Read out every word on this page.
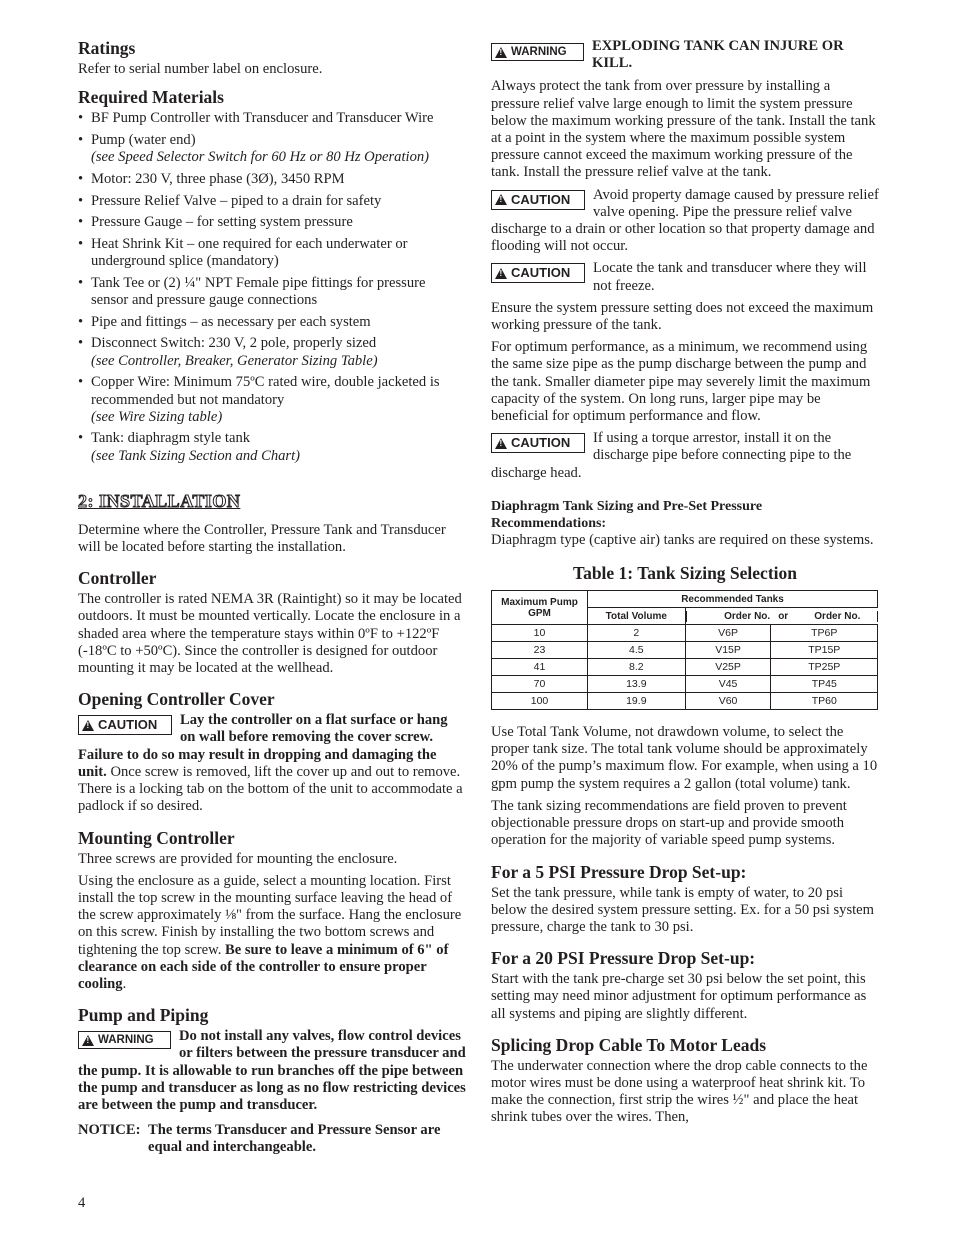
Ratings

Refer to serial number label on enclosure.

Required Materials
• BF Pump Controller with Transducer and Transducer Wire
• Pump (water end)
(see Speed Selector Switch for 60 Hz or 80 Hz Operation)
• Motor: 230 V, three phase (3Ø), 3450 RPM
• Pressure Relief Valve – piped to a drain for safety
• Pressure Gauge – for setting system pressure
• Heat Shrink Kit – one required for each underwater or underground splice (mandatory)
• Tank Tee or (2) ¼" NPT Female pipe fittings for pressure sensor and pressure gauge connections
• Pipe and fittings – as necessary per each system
• Disconnect Switch: 230 V, 2 pole, properly sized
(see Controller, Breaker, Generator Sizing Table)
• Copper Wire: Minimum 75ºC rated wire, double jacketed is recommended but not mandatory
(see Wire Sizing table)
• Tank: diaphragm style tank
(see Tank Sizing Section and Chart)
2: INSTALLATION

Determine where the Controller, Pressure Tank and Transducer will be located before starting the installation.

Controller

The controller is rated NEMA 3R (Raintight) so it may be located outdoors. It must be mounted vertically. Locate the enclosure in a shaded area where the temperature stays within 0ºF to +122ºF (-18ºC to +50ºC). Since the controller is designed for outdoor mounting it may be located at the wellhead.

Opening Controller Cover
!
CAUTION	Lay the controller on a flat surface or hang on wall before removing the cover screw. Failure to do so may result in dropping and damaging the unit. Once screw is removed, lift the cover up and out to remove. There is a locking tab on the bottom of the unit to accommodate a padlock if so desired.

Mounting Controller

Three screws are provided for mounting the enclosure.

Using the enclosure as a guide, select a mounting location. First install the top screw in the mounting surface leaving the head of the screw approximately ⅛" from the surface. Hang the enclosure on this screw. Finish by installing the two bottom screws and tightening the top screw. Be sure to leave a minimum of 6" of clearance on each side of the controller to ensure proper cooling.

Pump and Piping
!
WARNING	Do not install any valves, flow control devices or filters between the pressure transducer and the pump. It is allowable to run branches off the pipe between the pump and transducer as long as no flow restricting devices are between the pump and transducer.

NOTICE: The terms Transducer and Pressure Sensor are equal and interchangeable.
!
WARNING	EXPLODING TANK CAN INJURE OR KILL.

Always protect the tank from over pressure by installing a pressure relief valve large enough to limit the system pressure below the maximum working pressure of the tank. Install the tank at a point in the system where the maximum possible system pressure cannot exceed the maximum working pressure of the tank. Install the pressure relief valve at the tank.

!
CAUTION	Avoid property damage caused by pressure relief valve opening. Pipe the pressure relief valve discharge to a drain or other location so that property damage and flooding will not occur.

!
CAUTION	Locate the tank and transducer where they will not freeze.

Ensure the system pressure setting does not exceed the maximum working pressure of the tank.

For optimum performance, as a minimum, we recommend using the same size pipe as the pump discharge between the pump and the tank. Smaller diameter pipe may severely limit the maximum capacity of the system. On long runs, larger pipe may be beneficial for optimum performance and flow.

!
CAUTION	If using a torque arrestor, install it on the discharge pipe before connecting pipe to the discharge head.

Diaphragm Tank Sizing and Pre-Set Pressure Recommendations:

Diaphragm type (captive air) tanks are required on these systems.

Table 1: Tank Sizing Selection
Maximum Pump GPM	Recommended Tanks		
	Total Volume	Order No. or Order No.	

10	2	V6P	TP6P
23	4.5	V15P	TP15P
41	8.2	V25P	TP25P
70	13.9	V45	TP45
100	19.9	V60	TP60

Use Total Tank Volume, not drawdown volume, to select the proper tank size. The total tank volume should be approximately 20% of the pump’s maximum flow. For example, when using a 10 gpm pump the system requires a 2 gallon (total volume) tank.

The tank sizing recommendations are field proven to prevent objectionable pressure drops on start-up and provide smooth operation for the majority of variable speed pump systems.

For a 5 PSI Pressure Drop Set-up:

Set the tank pressure, while tank is empty of water, to 20 psi below the desired system pressure setting. Ex. for a 50 psi system pressure, charge the tank to 30 psi.

For a 20 PSI Pressure Drop Set-up:

Start with the tank pre-charge set 30 psi below the set point, this setting may need minor adjustment for optimum performance as all systems and piping are slightly different.

Splicing Drop Cable To Motor Leads

The underwater connection where the drop cable connects to the motor wires must be done using a waterproof heat shrink kit. To make the connection, first strip the wires ½" and place the heat shrink tubes over the wires. Then,

4
